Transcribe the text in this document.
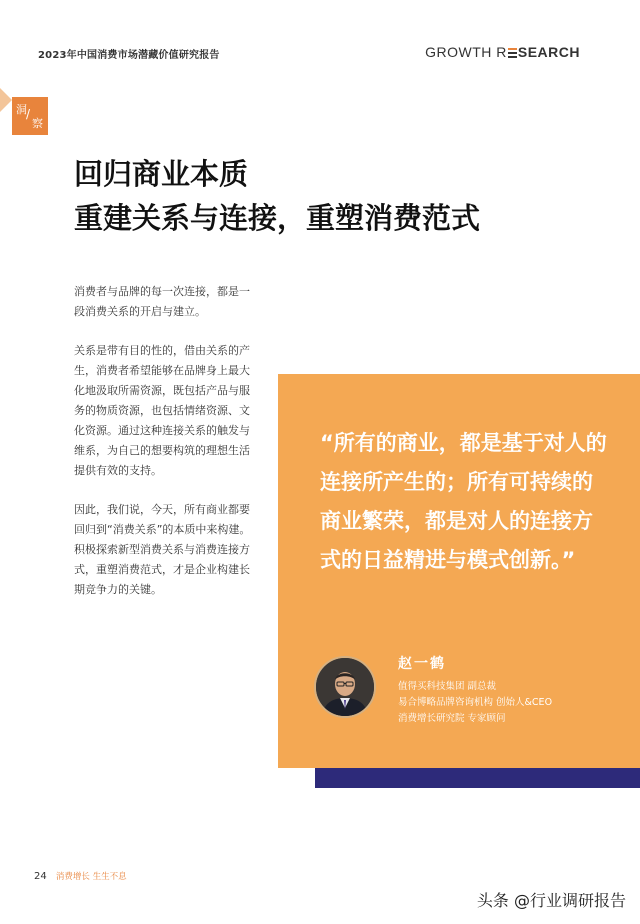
2023年中国消费市场潜藏价值研究报告	GROWTH R SEARCH
洞 /
察
回归商业本质
重建关系与连接，重塑消费范式

消费者与品牌的每一次连接，都是一段消费关系的开启与建立。

关系是带有目的性的，借由关系的产生，消费者希望能够在品牌身上最大化地汲取所需资源，既包括产品与服务的物质资源，也包括情绪资源、文化资源。通过这种连接关系的触发与维系，为自己的想要构筑的理想生活提供有效的支持。

因此，我们说，今天，所有商业都要回归到“消费关系”的本质中来构建。积极探索新型消费关系与消费连接方式，重塑消费范式，才是企业构建长期竞争力的关键。

“所有的商业，都是基于对人的连接所产生的；所有可持续的商业繁荣，都是对人的连接方式的日益精进与模式创新。”

赵一鹤
值得买科技集团 副总裁
易合博略品牌咨询机构 创始人&CEO
消费增长研究院 专家顾问
24 消费增长 生生不息
头条 @行业调研报告
